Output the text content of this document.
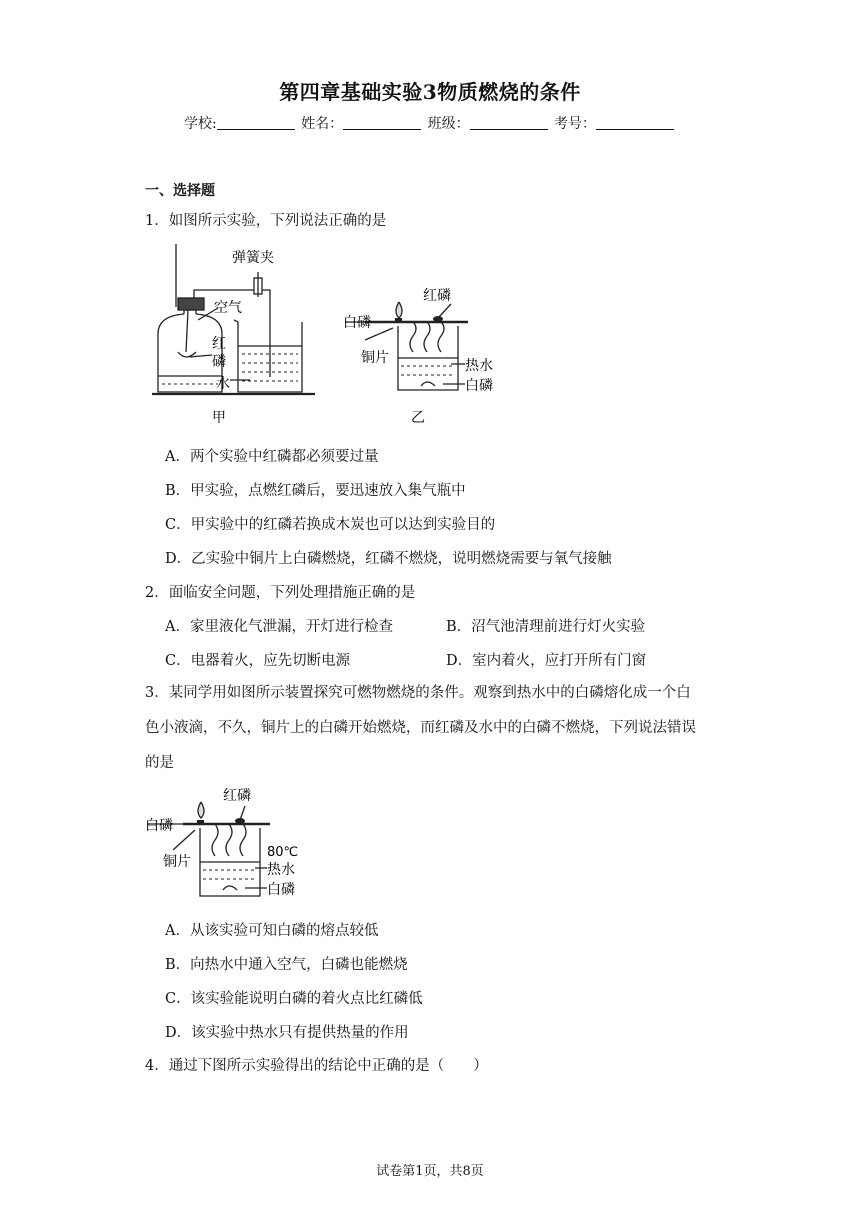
第四章基础实验3物质燃烧的条件
学校:	姓名：	班级：	考号：
一、选择题
1．如图所示实验，下列说法正确的是
弹簧夹
空气
红
磷
水
甲
红磷
白磷
铜片	热水
白磷
乙
A．两个实验中红磷都必须要过量
B．甲实验，点燃红磷后，要迅速放入集气瓶中
C．甲实验中的红磷若换成木炭也可以达到实验目的
D．乙实验中铜片上白磷燃烧，红磷不燃烧，说明燃烧需要与氧气接触
2．面临安全问题，下列处理措施正确的是
A．家里液化气泄漏，开灯进行检查	B．沼气池清理前进行灯火实验
C．电器着火，应先切断电源	D．室内着火，应打开所有门窗
3．某同学用如图所示装置探究可燃物燃烧的条件。观察到热水中的白磷熔化成一个白
色小液滴，不久，铜片上的白磷开始燃烧，而红磷及水中的白磷不燃烧，下列说法错误
的是
红磷
白磷
铜片
80℃
热水
白磷
A．从该实验可知白磷的熔点较低
B．向热水中通入空气，白磷也能燃烧
C．该实验能说明白磷的着火点比红磷低
D．该实验中热水只有提供热量的作用
4．通过下图所示实验得出的结论中正确的是（　　）
试卷第1页，共8页
